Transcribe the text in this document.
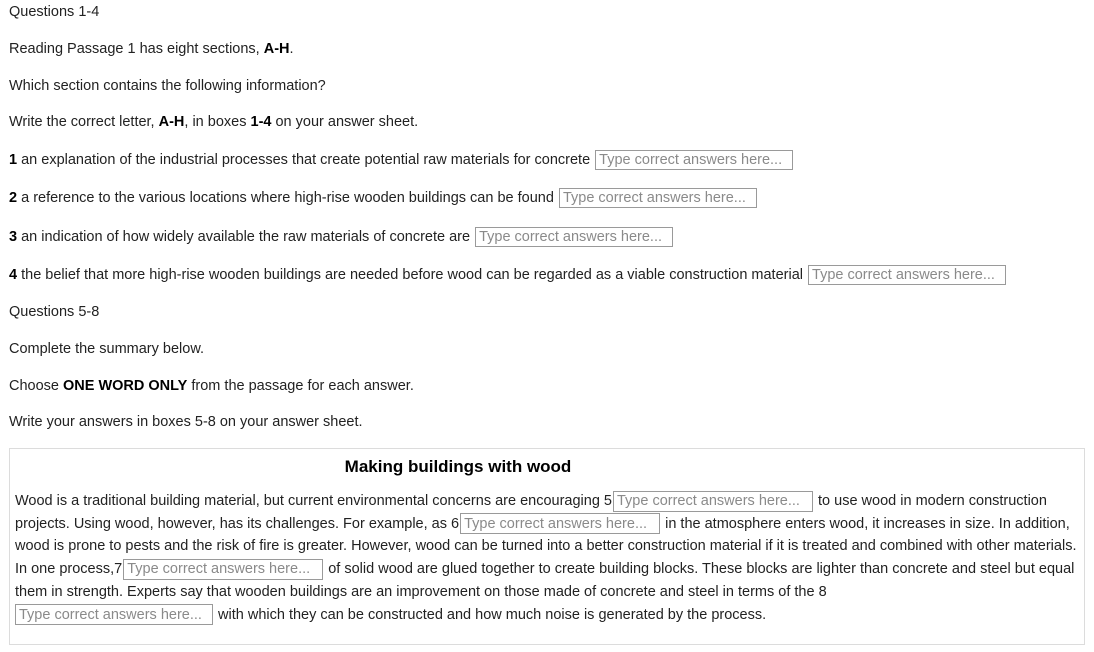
Questions 1-4
Reading Passage 1 has eight sections, A-H.
Which section contains the following information?
Write the correct letter, A-H, in boxes 1-4 on your answer sheet.
1 an explanation of the industrial processes that create potential raw materials for concrete Type correct answers here...
2 a reference to the various locations where high-rise wooden buildings can be found Type correct answers here...
3 an indication of how widely available the raw materials of concrete are Type correct answers here...
4 the belief that more high-rise wooden buildings are needed before wood can be regarded as a viable construction material Type correct answers here...
Questions 5-8
Complete the summary below.
Choose ONE WORD ONLY from the passage for each answer.
Write your answers in boxes 5-8 on your answer sheet.
Making buildings with wood
Wood is a traditional building material, but current environmental concerns are encouraging 5Type correct answers here...	to use wood in modern construction projects. Using wood, however, has its challenges. For example, as 6Type correct answers here...	in the atmosphere enters wood, it increases in size. In addition, wood is prone to pests and the risk of fire is greater. However, wood can be turned into a better construction material if it is treated and combined with other materials. In one process,7Type correct answers here...	of solid wood are glued together to create building blocks. These blocks are lighter than concrete and steel but equal them in strength. Experts say that wooden buildings are an improvement on those made of concrete and steel in terms of the 8
Type correct answers here... with which they can be constructed and how much noise is generated by the process.
